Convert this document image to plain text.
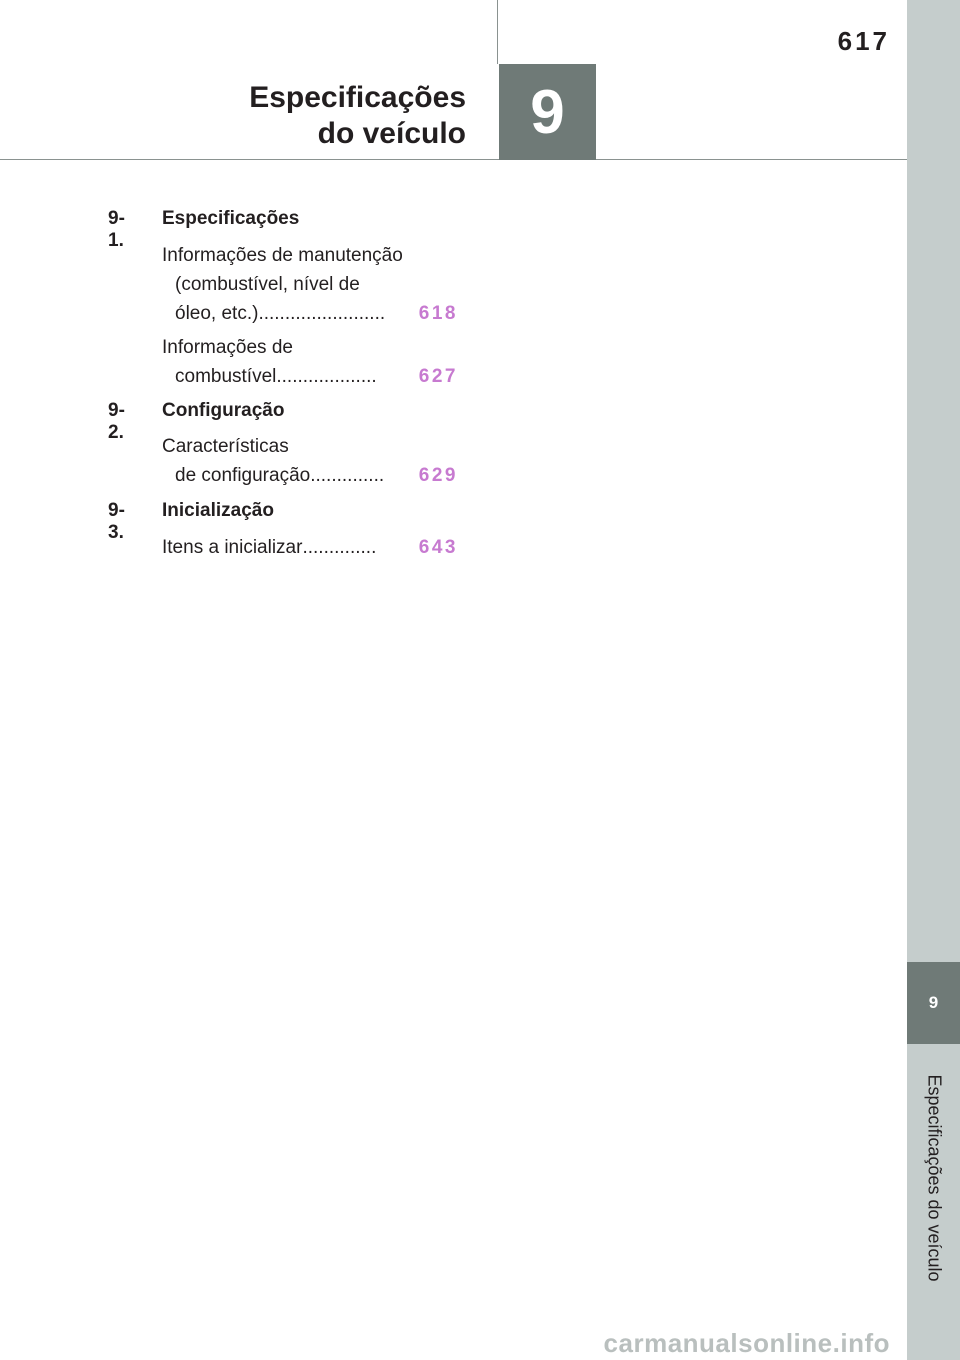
9
Especificações do veículo
617
Especificações
do veículo	9
9-1.
Especificações
Informações de manutenção
(combustível, nível de
óleo, etc.) ........................	618
Informações de
combustível ...................	627
9-2.
Configuração
Características
de configuração ..............	629
9-3.
Inicialização
Itens a inicializar ..............	643
carmanualsonline.info
